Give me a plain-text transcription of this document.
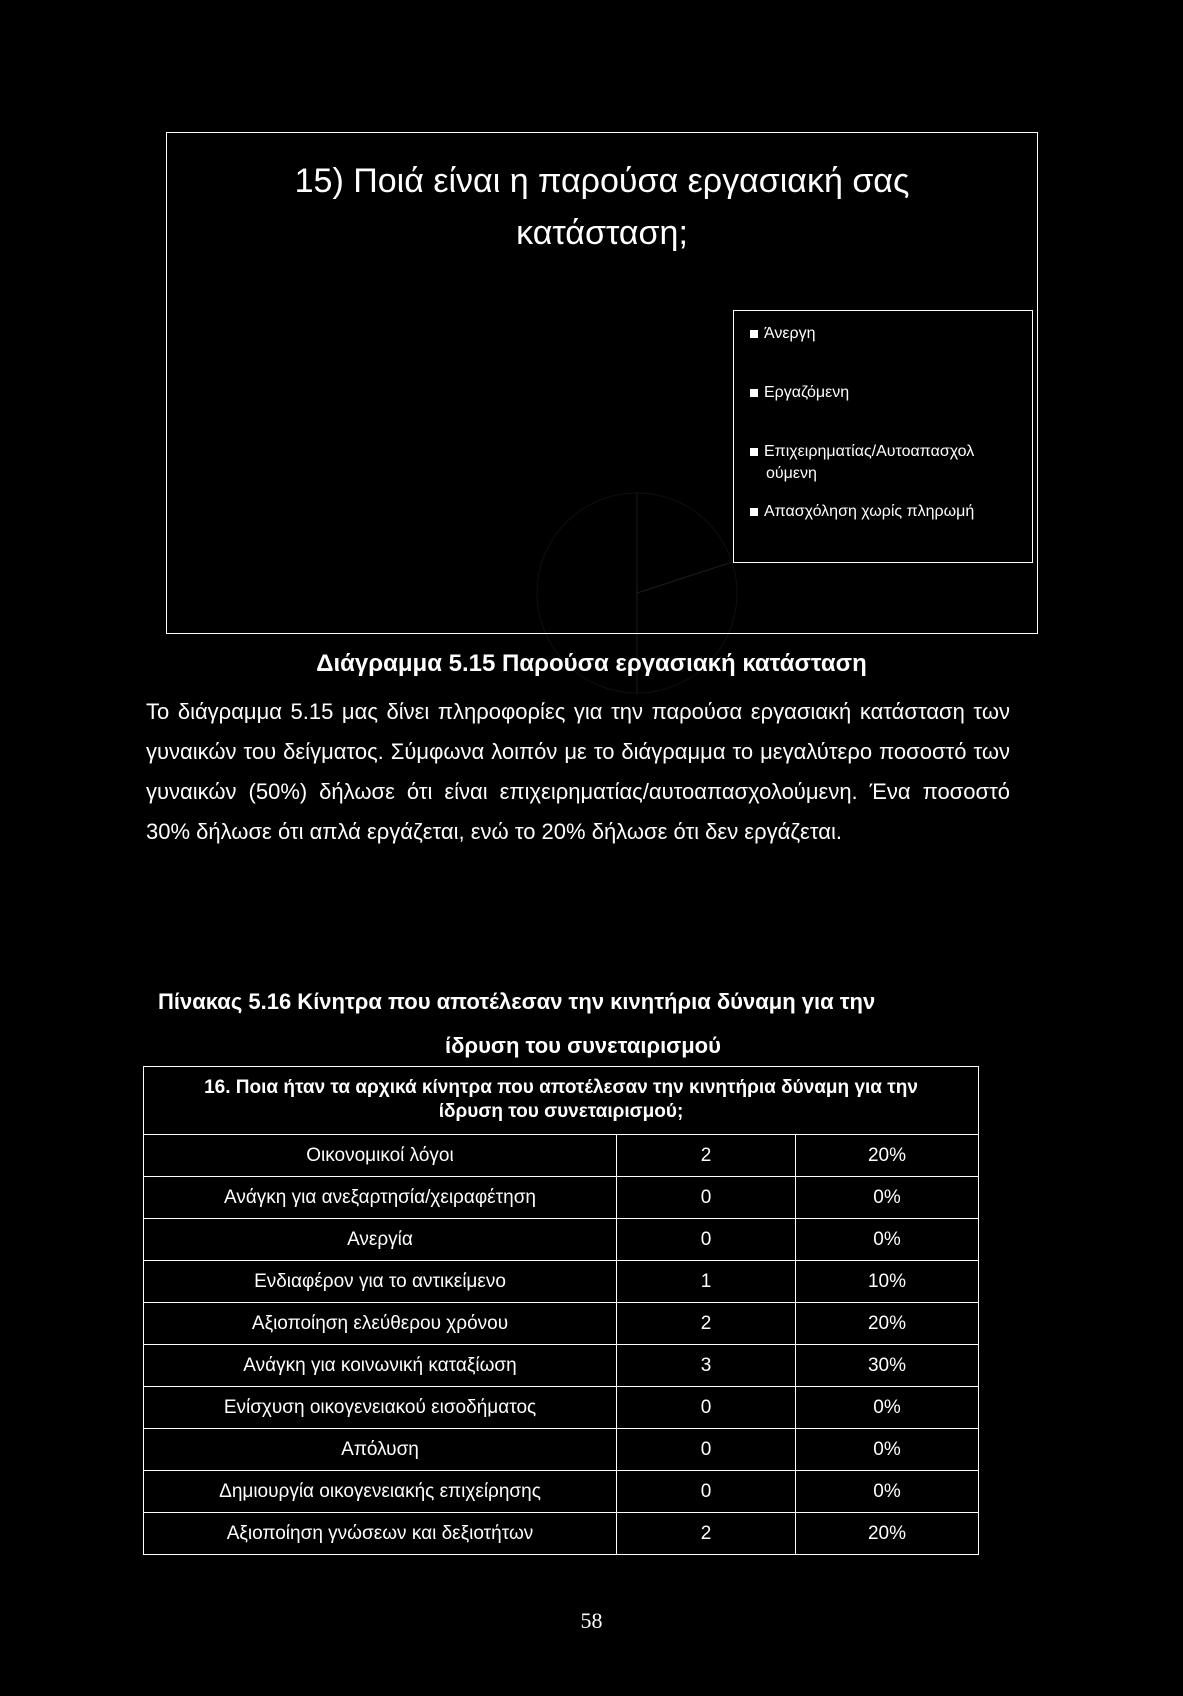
15) Ποιά είναι η παρούσα εργασιακή σας
κατάσταση;
Άνεργη
Εργαζόμενη
Επιχειρηματίας/Αυτοαπασχολ
ούμενη
Απασχόληση χωρίς πληρωμή
Διάγραμμα 5.15 Παρούσα εργασιακή κατάσταση

Το διάγραμμα 5.15 μας δίνει πληροφορίες για την παρούσα εργασιακή κατάσταση των γυναικών του δείγματος. Σύμφωνα λοιπόν με το διάγραμμα το μεγαλύτερο ποσοστό των γυναικών (50%) δήλωσε ότι είναι επιχειρηματίας/αυτοαπασχολούμενη. Ένα ποσοστό 30% δήλωσε ότι απλά εργάζεται, ενώ το 20% δήλωσε ότι δεν εργάζεται.

Πίνακας 5.16 Κίνητρα που αποτέλεσαν την κινητήρια δύναμη για την
ίδρυση του συνεταιρισμού
16. Ποια ήταν τα αρχικά κίνητρα που αποτέλεσαν την κινητήρια δύναμη για την ίδρυση του συνεταιρισμού;		
Οικονομικοί λόγοι	2	20%
Ανάγκη για ανεξαρτησία/χειραφέτηση	0	0%
Ανεργία	0	0%
Ενδιαφέρον για το αντικείμενο	1	10%
Αξιοποίηση ελεύθερου χρόνου	2	20%
Ανάγκη για κοινωνική καταξίωση	3	30%
Ενίσχυση οικογενειακού εισοδήματος	0	0%
Απόλυση	0	0%
Δημιουργία οικογενειακής επιχείρησης	0	0%
Αξιοποίηση γνώσεων και δεξιοτήτων	2	20%
58
